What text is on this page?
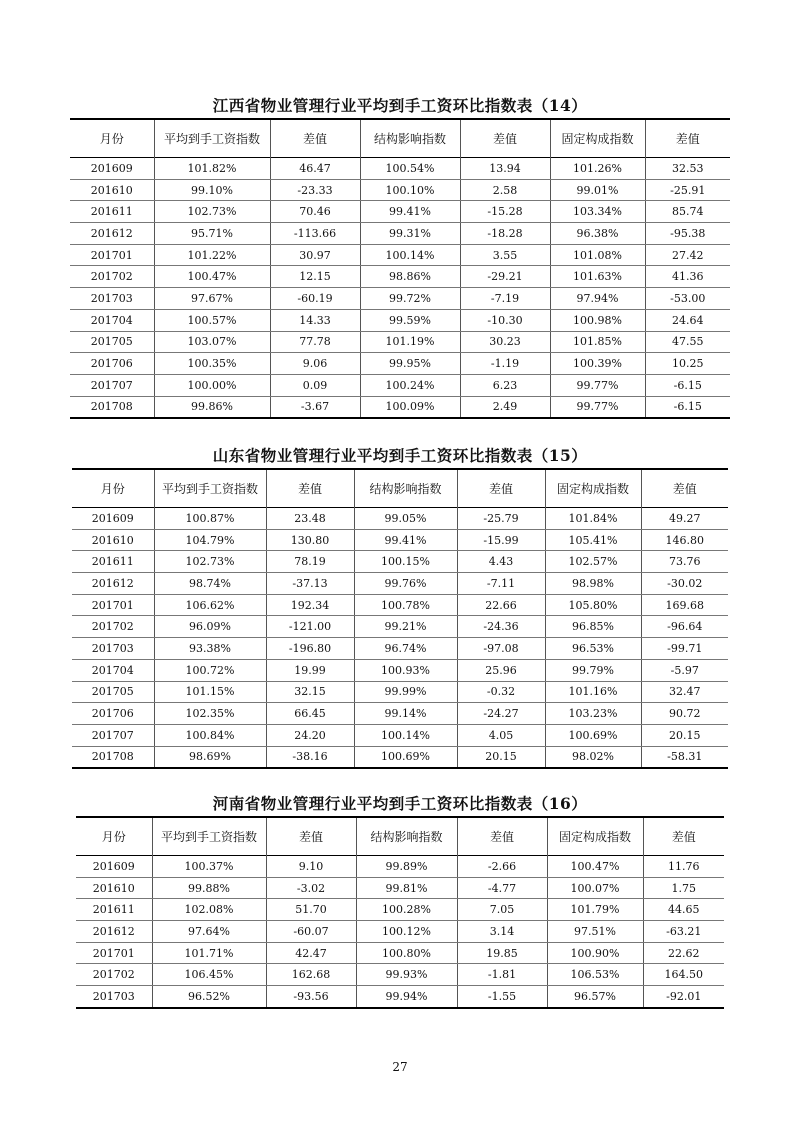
江西省物业管理行业平均到手工资环比指数表（14）
月份	平均到手工资指数	差值	结构影响指数	差值	固定构成指数	差值
201609	101.82%	46.47	100.54%	13.94	101.26%	32.53
201610	99.10%	-23.33	100.10%	2.58	99.01%	-25.91
201611	102.73%	70.46	99.41%	-15.28	103.34%	85.74
201612	95.71%	-113.66	99.31%	-18.28	96.38%	-95.38
201701	101.22%	30.97	100.14%	3.55	101.08%	27.42
201702	100.47%	12.15	98.86%	-29.21	101.63%	41.36
201703	97.67%	-60.19	99.72%	-7.19	97.94%	-53.00
201704	100.57%	14.33	99.59%	-10.30	100.98%	24.64
201705	103.07%	77.78	101.19%	30.23	101.85%	47.55
201706	100.35%	9.06	99.95%	-1.19	100.39%	10.25
201707	100.00%	0.09	100.24%	6.23	99.77%	-6.15
201708	99.86%	-3.67	100.09%	2.49	99.77%	-6.15
山东省物业管理行业平均到手工资环比指数表（15）
月份	平均到手工资指数	差值	结构影响指数	差值	固定构成指数	差值
201609	100.87%	23.48	99.05%	-25.79	101.84%	49.27
201610	104.79%	130.80	99.41%	-15.99	105.41%	146.80
201611	102.73%	78.19	100.15%	4.43	102.57%	73.76
201612	98.74%	-37.13	99.76%	-7.11	98.98%	-30.02
201701	106.62%	192.34	100.78%	22.66	105.80%	169.68
201702	96.09%	-121.00	99.21%	-24.36	96.85%	-96.64
201703	93.38%	-196.80	96.74%	-97.08	96.53%	-99.71
201704	100.72%	19.99	100.93%	25.96	99.79%	-5.97
201705	101.15%	32.15	99.99%	-0.32	101.16%	32.47
201706	102.35%	66.45	99.14%	-24.27	103.23%	90.72
201707	100.84%	24.20	100.14%	4.05	100.69%	20.15
201708	98.69%	-38.16	100.69%	20.15	98.02%	-58.31
河南省物业管理行业平均到手工资环比指数表（16）
月份	平均到手工资指数	差值	结构影响指数	差值	固定构成指数	差值
201609	100.37%	9.10	99.89%	-2.66	100.47%	11.76
201610	99.88%	-3.02	99.81%	-4.77	100.07%	1.75
201611	102.08%	51.70	100.28%	7.05	101.79%	44.65
201612	97.64%	-60.07	100.12%	3.14	97.51%	-63.21
201701	101.71%	42.47	100.80%	19.85	100.90%	22.62
201702	106.45%	162.68	99.93%	-1.81	106.53%	164.50
201703	96.52%	-93.56	99.94%	-1.55	96.57%	-92.01
27
